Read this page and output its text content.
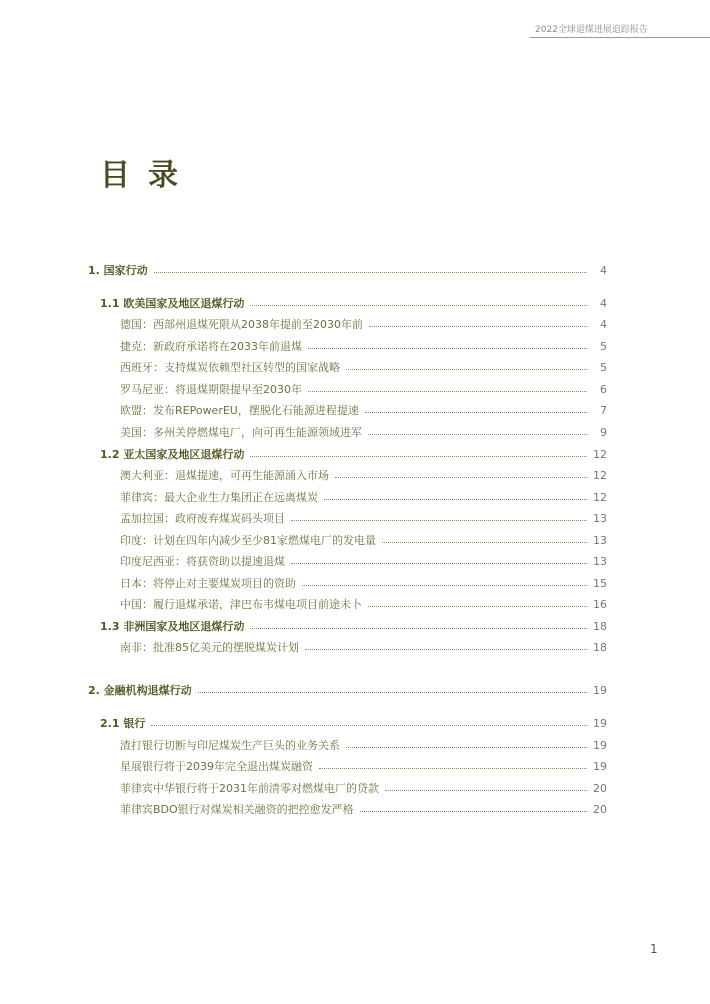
2022全球退煤进展追踪报告
目录
1. 国家行动	4
1.1 欧美国家及地区退煤行动	4
德国：西部州退煤死限从2038年提前至2030年前	4
捷克：新政府承诺将在2033年前退煤	5
西班牙：支持煤炭依赖型社区转型的国家战略	5
罗马尼亚：将退煤期限提早至2030年	6
欧盟：发布REPowerEU，摆脱化石能源进程提速	7
美国：多州关停燃煤电厂，向可再生能源领域进军	9
1.2 亚太国家及地区退煤行动	12
澳大利亚：退煤提速，可再生能源涌入市场	12
菲律宾：最大企业生力集团正在远离煤炭	12
孟加拉国：政府废弃煤炭码头项目	13
印度：计划在四年内减少至少81家燃煤电厂的发电量	13
印度尼西亚：将获资助以提速退煤	13
日本：将停止对主要煤炭项目的资助	15
中国：履行退煤承诺，津巴布韦煤电项目前途未卜	16
1.3 非洲国家及地区退煤行动	18
南非：批准85亿美元的摆脱煤炭计划	18
2. 金融机构退煤行动	19
2.1 银行	19
渣打银行切断与印尼煤炭生产巨头的业务关系	19
星展银行将于2039年完全退出煤炭融资	19
菲律宾中华银行将于2031年前清零对燃煤电厂的贷款	20
菲律宾BDO银行对煤炭相关融资的把控愈发严格	20
1
